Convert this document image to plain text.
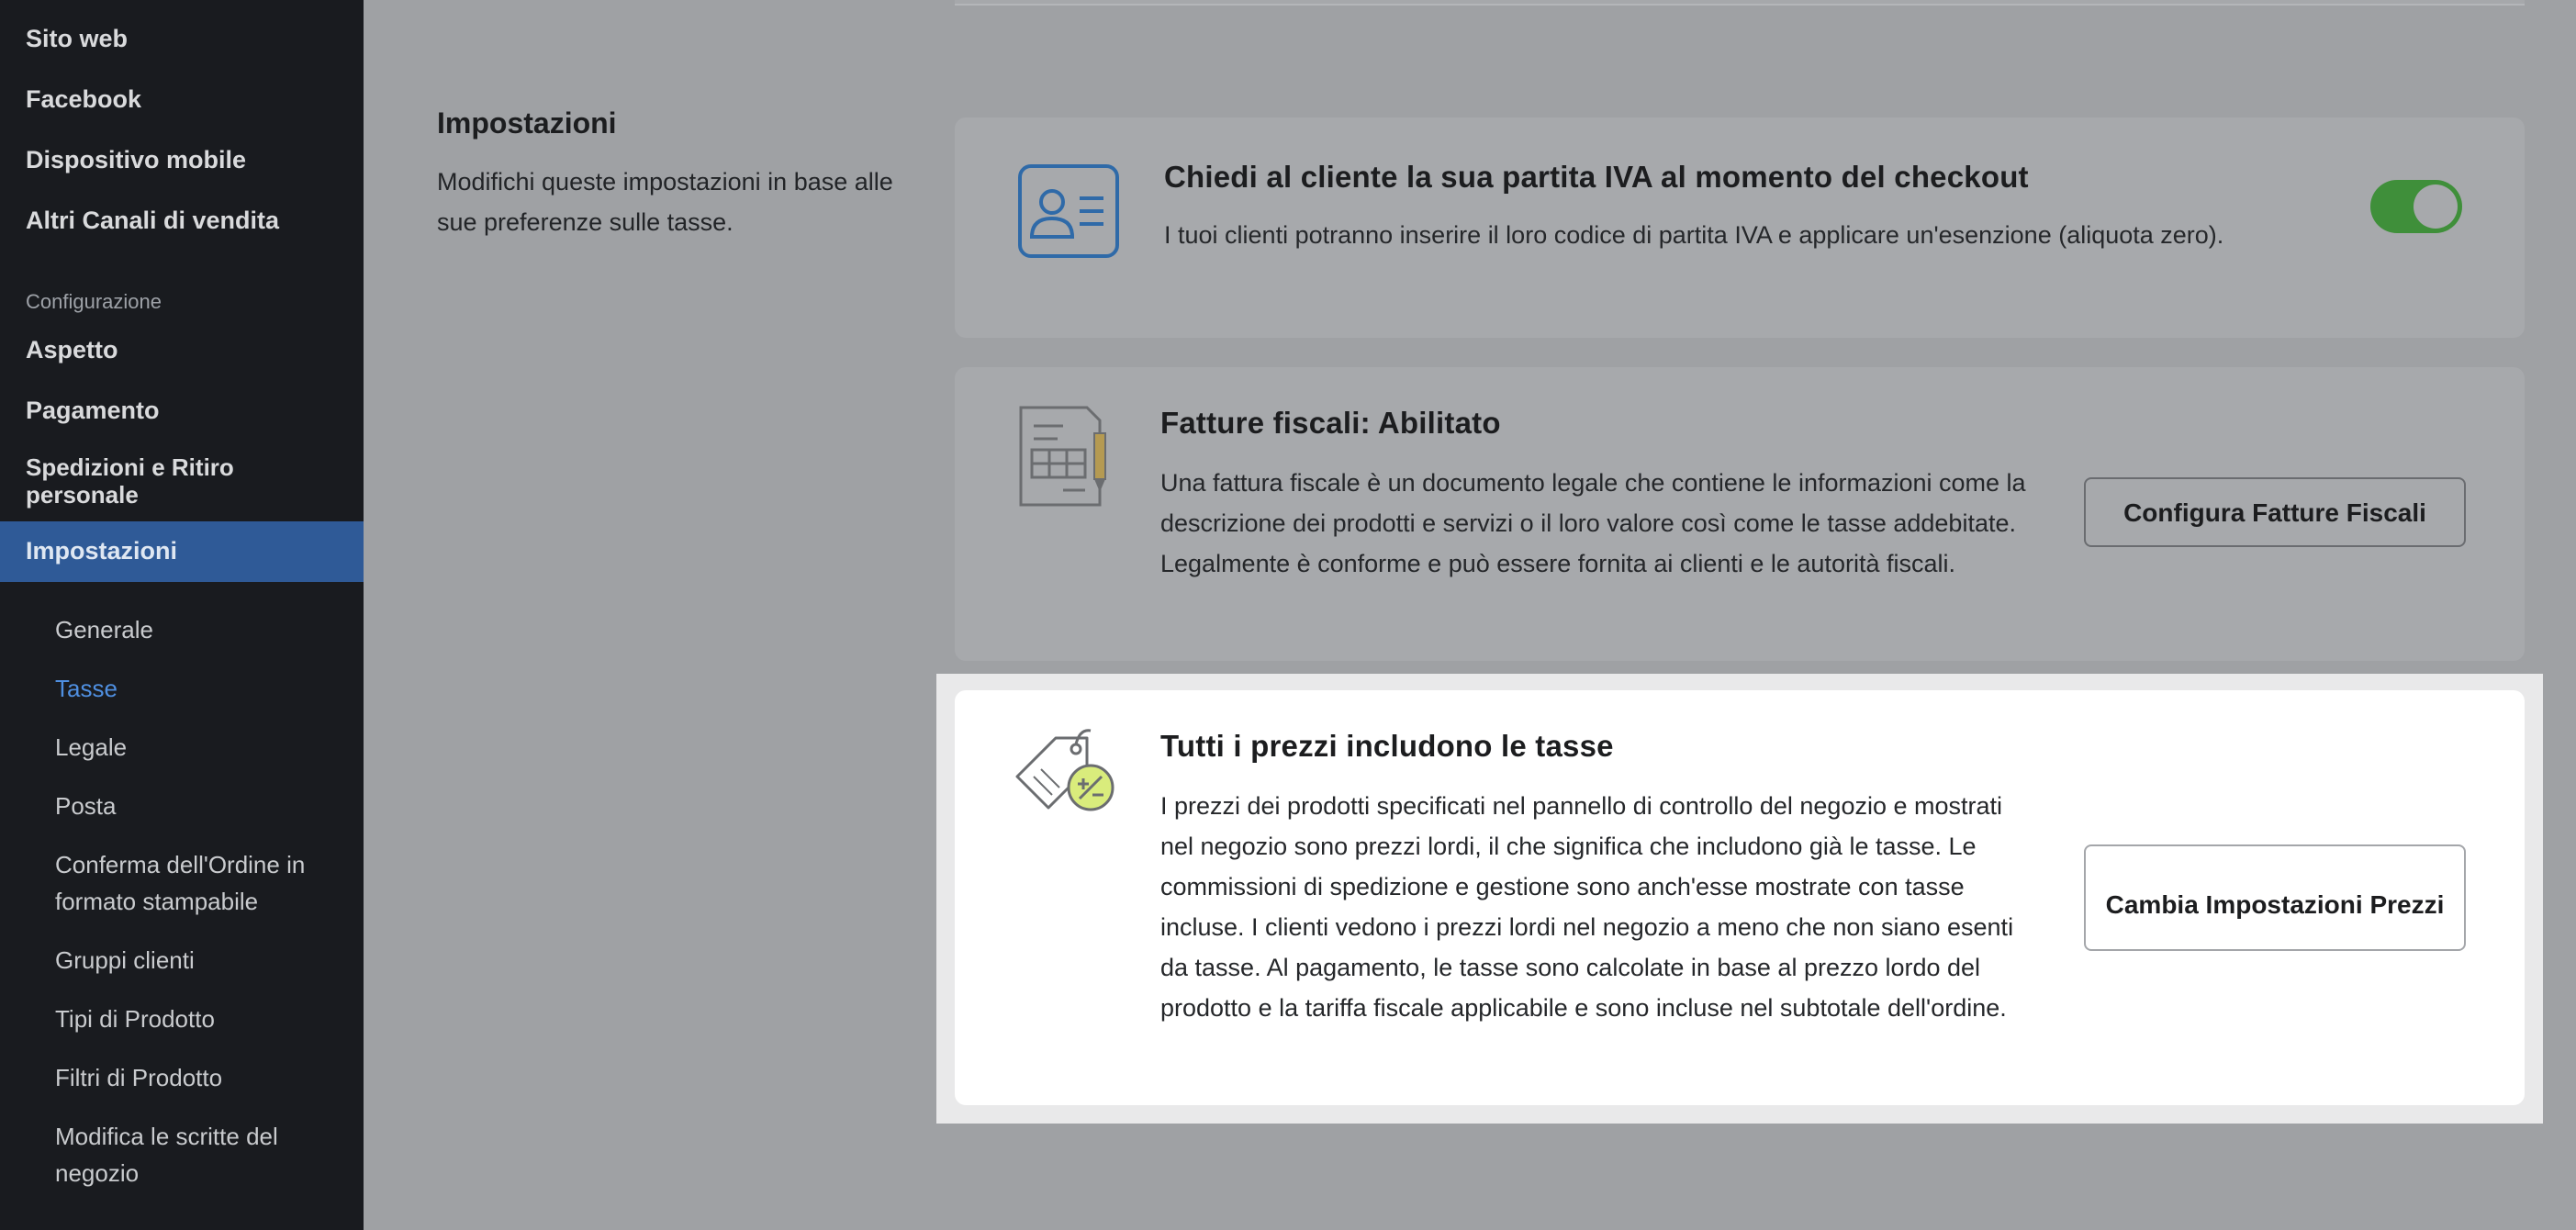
Sito web
Facebook
Dispositivo mobile
Altri Canali di vendita
Configurazione
Aspetto
Pagamento
Spedizioni e Ritiro personale
Impostazioni
Generale
Tasse
Legale
Posta
Conferma dell'Ordine in formato stampabile
Gruppi clienti
Tipi di Prodotto
Filtri di Prodotto
Modifica le scritte del negozio
Impostazioni
Modifichi queste impostazioni in base alle sue preferenze sulle tasse.
Chiedi al cliente la sua partita IVA al momento del checkout
I tuoi clienti potranno inserire il loro codice di partita IVA e applicare un'esenzione (aliquota zero).
Fatture fiscali: Abilitato
Una fattura fiscale è un documento legale che contiene le informazioni come la descrizione dei prodotti e servizi o il loro valore così come le tasse addebitate. Legalmente è conforme e può essere fornita ai clienti e le autorità fiscali.
Configura Fatture Fiscali
Tutti i prezzi includono le tasse
I prezzi dei prodotti specificati nel pannello di controllo del negozio e mostrati nel negozio sono prezzi lordi, il che significa che includono già le tasse. Le commissioni di spedizione e gestione sono anch'esse mostrate con tasse incluse. I clienti vedono i prezzi lordi nel negozio a meno che non siano esenti da tasse. Al pagamento, le tasse sono calcolate in base al prezzo lordo del prodotto e la tariffa fiscale applicabile e sono incluse nel subtotale dell'ordine.
Cambia Impostazioni Prezzi
